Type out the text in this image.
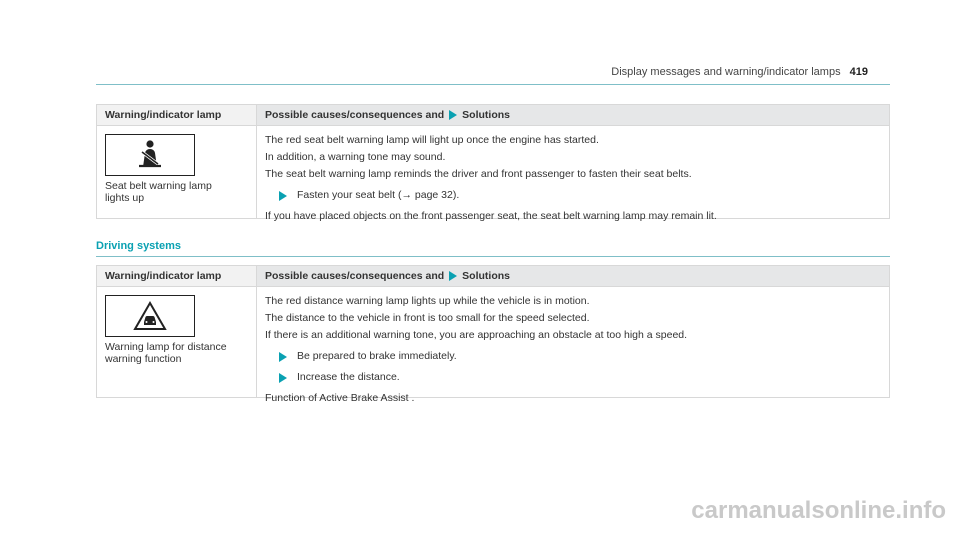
Display messages and warning/indicator lamps 419
Warning/indicator lamp	Possible causes/consequences and Solutions
Seat belt warning lamp
lights up
The red seat belt warning lamp will light up once the engine has started.
In addition, a warning tone may sound.
The seat belt warning lamp reminds the driver and front passenger to fasten their seat belts.
Fasten your seat belt (→ page 32).
If you have placed objects on the front passenger seat, the seat belt warning lamp may remain lit.
Driving systems
Warning/indicator lamp	Possible causes/consequences and Solutions
Warning lamp for distance
warning function
The red distance warning lamp lights up while the vehicle is in motion.
The distance to the vehicle in front is too small for the speed selected.
If there is an additional warning tone, you are approaching an obstacle at too high a speed.
Be prepared to brake immediately.
Increase the distance.
Function of Active Brake Assist .
carmanualsonline.info
